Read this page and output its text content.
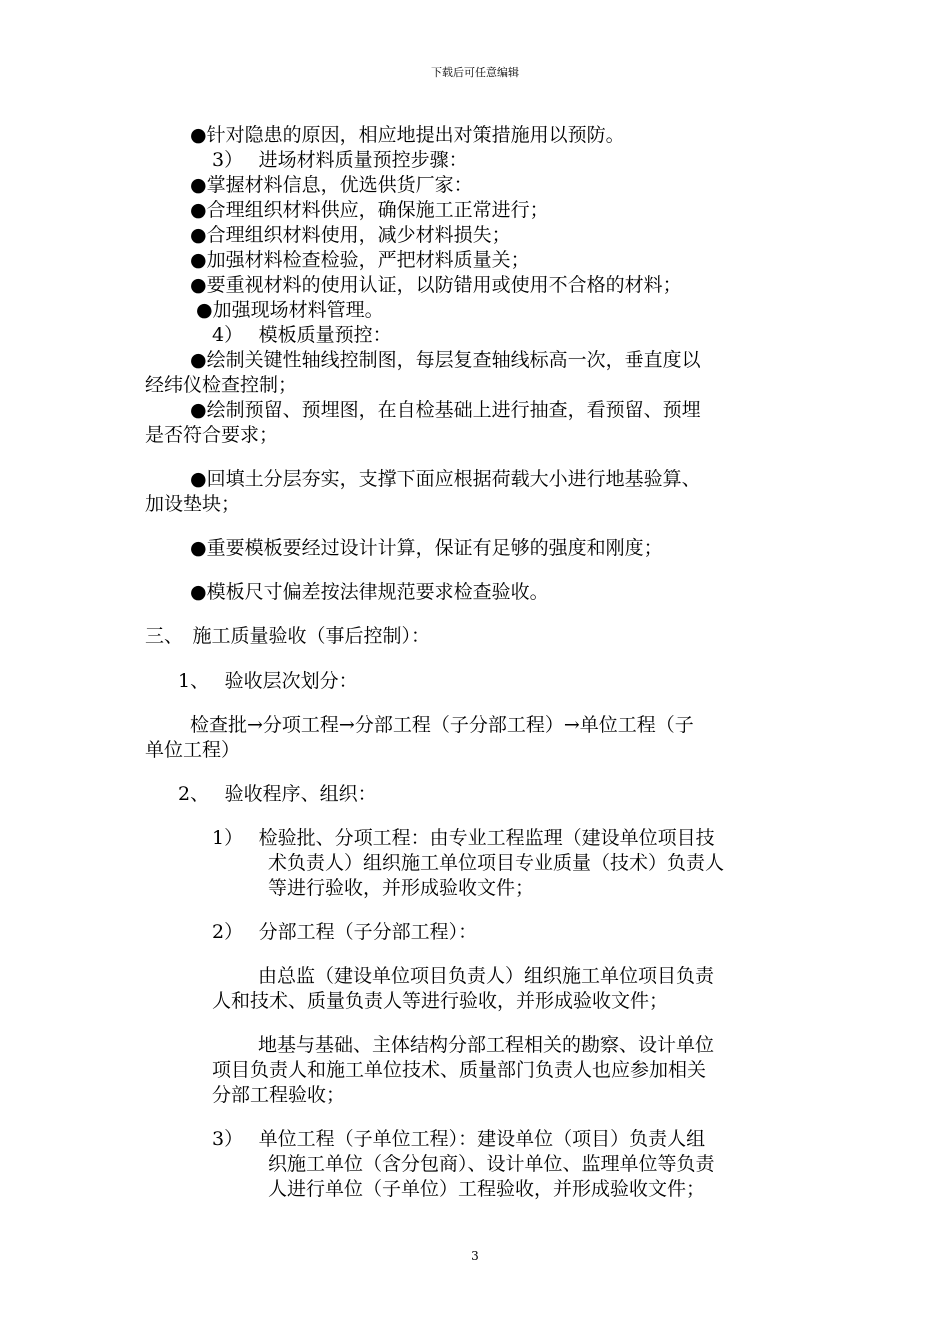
下载后可任意编辑
●针对隐患的原因，相应地提出对策措施用以预防。
3）　 进场材料质量预控步骤：
●掌握材料信息，优选供货厂家：
●合理组织材料供应，确保施工正常进行；
●合理组织材料使用，减少材料损失；
●加强材料检查检验，严把材料质量关；
●要重视材料的使用认证，以防错用或使用不合格的材料；
●加强现场材料管理。
4）　 模板质量预控：
●绘制关键性轴线控制图，每层复查轴线标高一次，垂直度以
经纬仪检查控制；
●绘制预留、预埋图，在自检基础上进行抽查，看预留、预埋
是否符合要求；
●回填土分层夯实，支撑下面应根据荷载大小进行地基验算、
加设垫块；
●重要模板要经过设计计算，保证有足够的强度和刚度；
●模板尺寸偏差按法律规范要求检查验收。
三、　施工质量验收（事后控制）：
1、　 验收层次划分：
检查批→分项工程→分部工程（子分部工程）→单位工程（子
单位工程）
2、　 验收程序、组织：
1）　 检验批、分项工程：由专业工程监理（建设单位项目技
术负责人）组织施工单位项目专业质量（技术）负责人
等进行验收，并形成验收文件；
2）　 分部工程（子分部工程）：
由总监（建设单位项目负责人）组织施工单位项目负责
人和技术、质量负责人等进行验收，并形成验收文件；
地基与基础、主体结构分部工程相关的勘察、设计单位
项目负责人和施工单位技术、质量部门负责人也应参加相关
分部工程验收；
3）　 单位工程（子单位工程）：建设单位（项目）负责人组
织施工单位（含分包商）、设计单位、监理单位等负责
人进行单位（子单位）工程验收，并形成验收文件；
3
